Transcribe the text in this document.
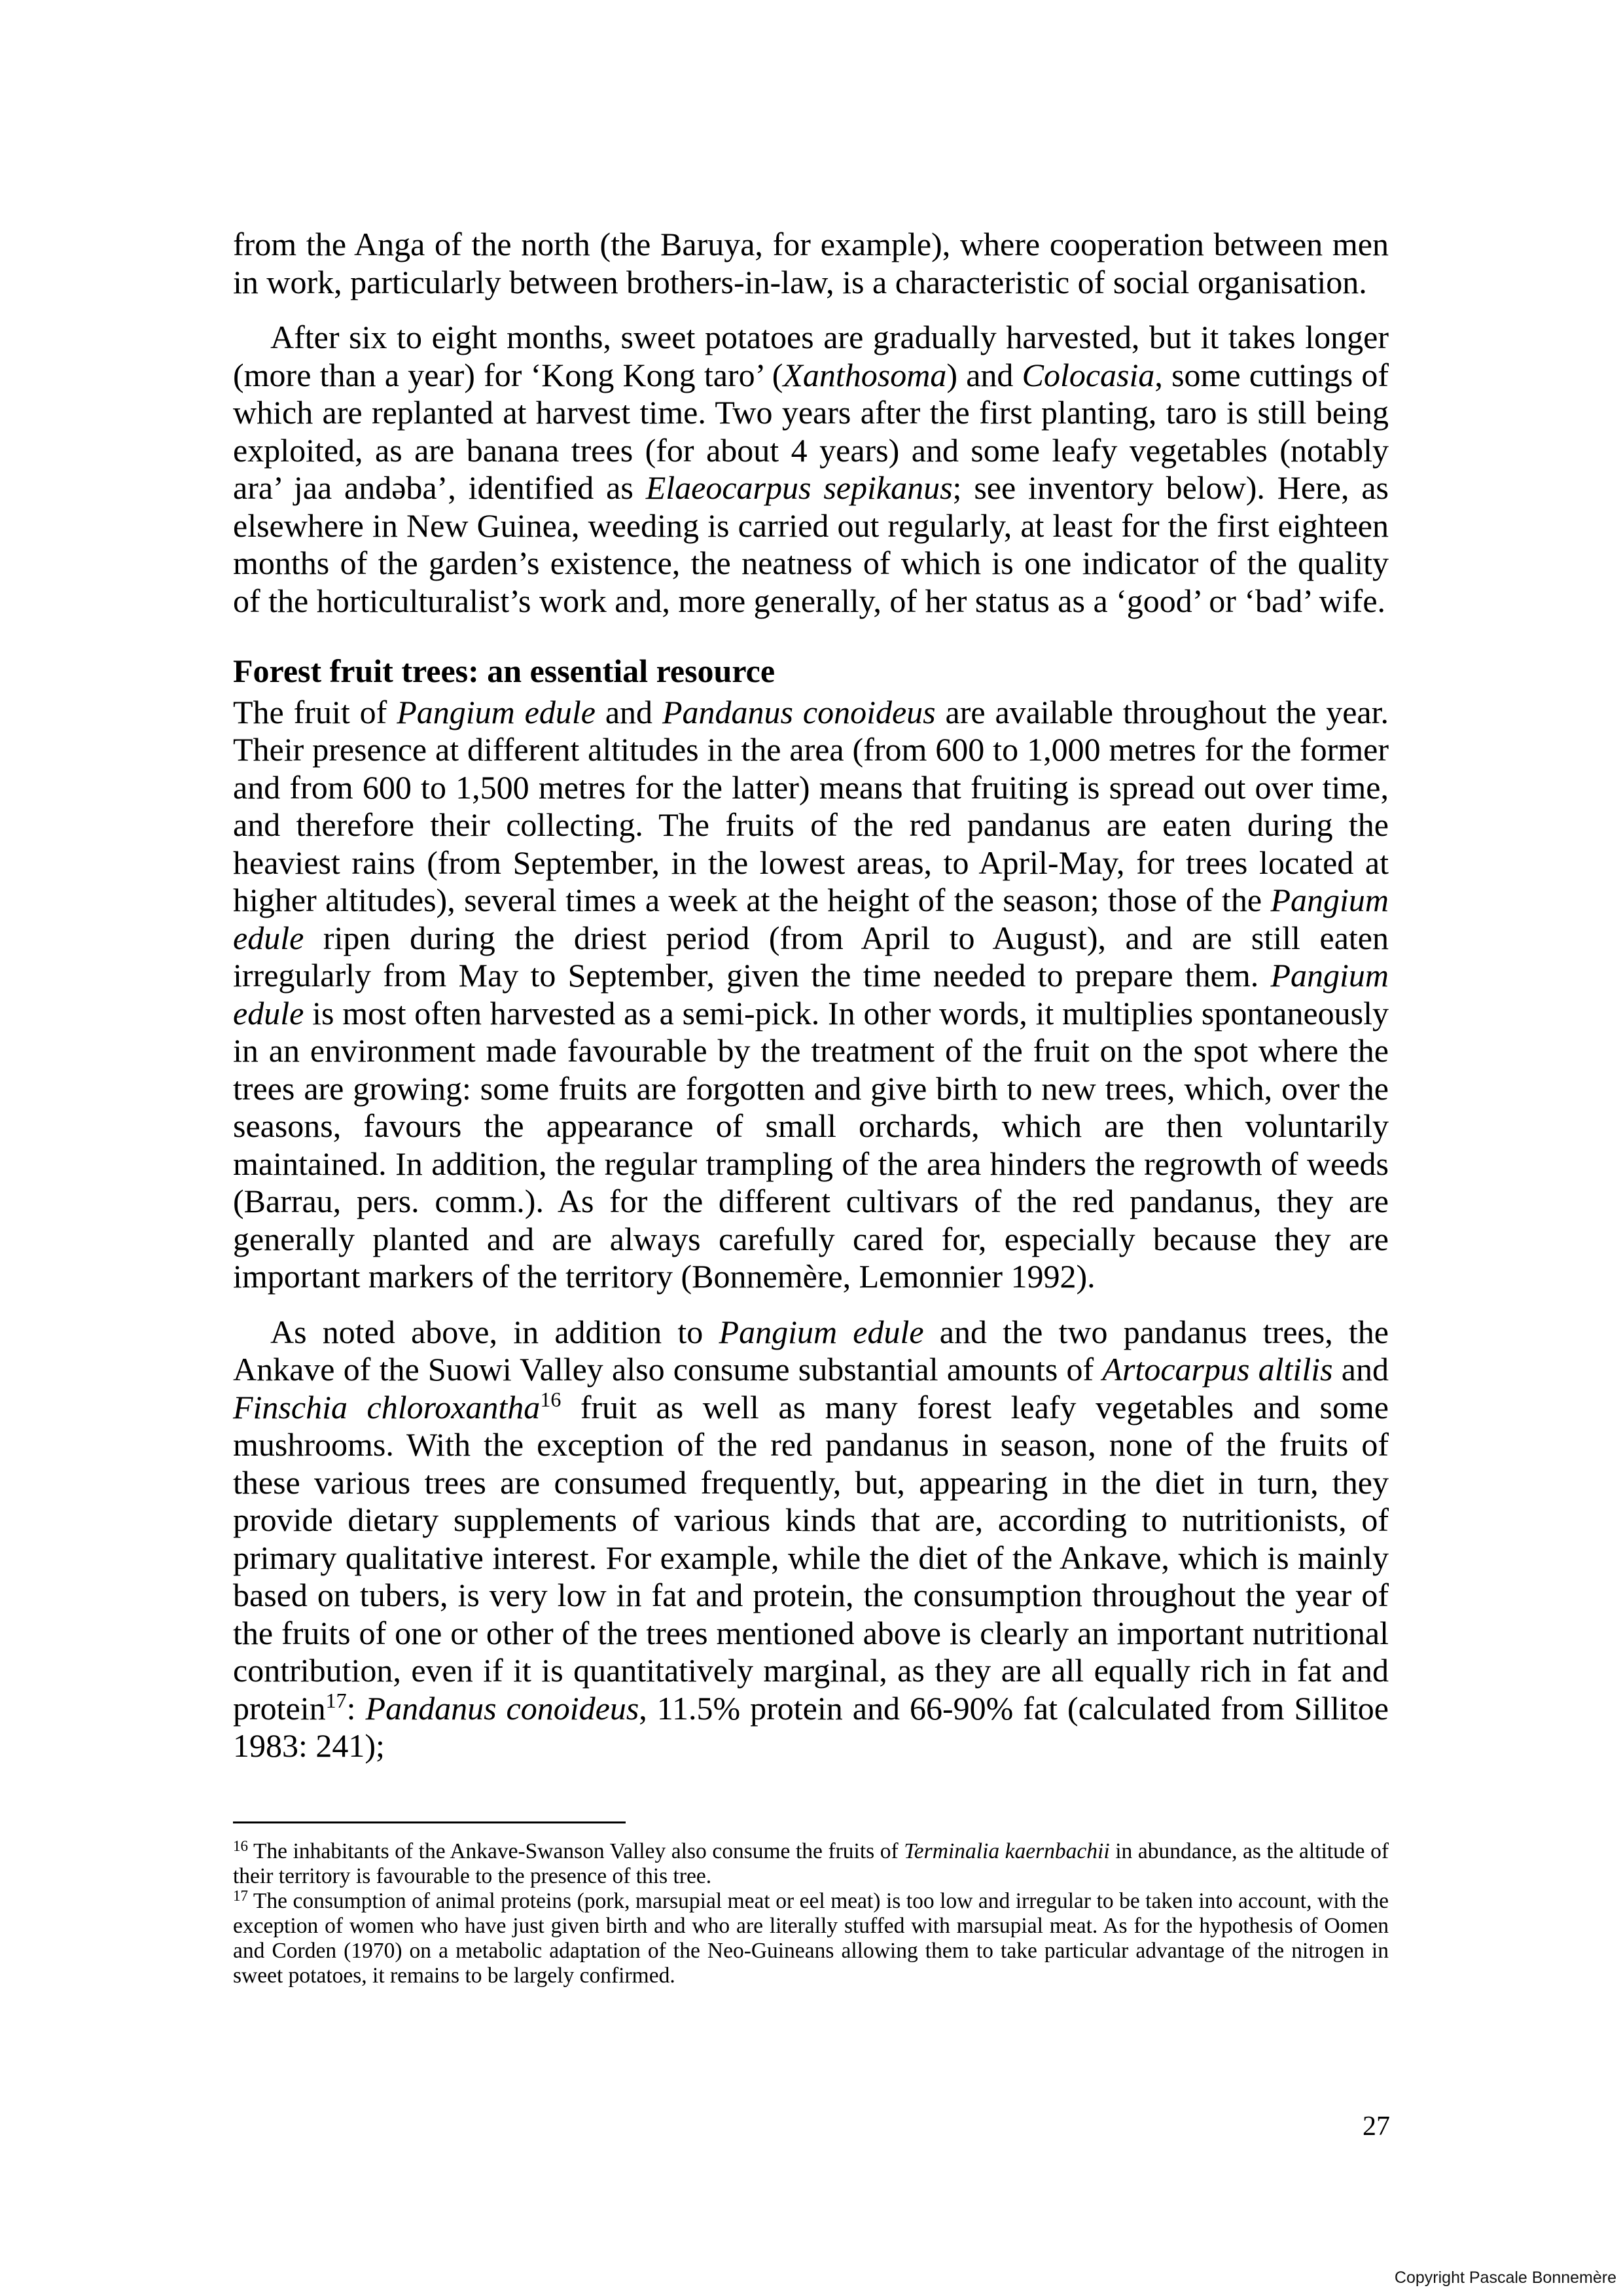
from the Anga of the north (the Baruya, for example), where cooperation between men in work, particularly between brothers-in-law, is a characteristic of social organisation.

After six to eight months, sweet potatoes are gradually harvested, but it takes longer (more than a year) for ‘Kong Kong taro’ (Xanthosoma) and Colocasia, some cuttings of which are replanted at harvest time. Two years after the first planting, taro is still being exploited, as are banana trees (for about 4 years) and some leafy vegetables (notably ara’ jaa andəba’, identified as Elaeocarpus sepikanus; see inventory below). Here, as elsewhere in New Guinea, weeding is carried out regularly, at least for the first eighteen months of the garden’s existence, the neatness of which is one indicator of the quality of the horticulturalist’s work and, more generally, of her status as a ‘good’ or ‘bad’ wife.

Forest fruit trees: an essential resource

The fruit of Pangium edule and Pandanus conoideus are available throughout the year. Their presence at different altitudes in the area (from 600 to 1,000 metres for the former and from 600 to 1,500 metres for the latter) means that fruiting is spread out over time, and therefore their collecting. The fruits of the red pandanus are eaten during the heaviest rains (from September, in the lowest areas, to April-May, for trees located at higher altitudes), several times a week at the height of the season; those of the Pangium edule ripen during the driest period (from April to August), and are still eaten irregularly from May to September, given the time needed to prepare them. Pangium edule is most often harvested as a semi-pick. In other words, it multiplies spontaneously in an environment made favourable by the treatment of the fruit on the spot where the trees are growing: some fruits are forgotten and give birth to new trees, which, over the seasons, favours the appearance of small orchards, which are then voluntarily maintained. In addition, the regular trampling of the area hinders the regrowth of weeds (Barrau, pers. comm.). As for the different cultivars of the red pandanus, they are generally planted and are always carefully cared for, especially because they are important markers of the territory (Bonnemère, Lemonnier 1992).

As noted above, in addition to Pangium edule and the two pandanus trees, the Ankave of the Suowi Valley also consume substantial amounts of Artocarpus altilis and Finschia chloroxantha$^{16}$ fruit as well as many forest leafy vegetables and some mushrooms. With the exception of the red pandanus in season, none of the fruits of these various trees are consumed frequently, but, appearing in the diet in turn, they provide dietary supplements of various kinds that are, according to nutritionists, of primary qualitative interest. For example, while the diet of the Ankave, which is mainly based on tubers, is very low in fat and protein, the consumption throughout the year of the fruits of one or other of the trees mentioned above is clearly an important nutritional contribution, even if it is quantitatively marginal, as they are all equally rich in fat and protein$^{17}$: Pandanus conoideus, 11.5% protein and 66-90% fat (calculated from Sillitoe 1983: 241);

$^{16}$ The inhabitants of the Ankave-Swanson Valley also consume the fruits of Terminalia kaernbachii in abundance, as the altitude of their territory is favourable to the presence of this tree.

$^{17}$ The consumption of animal proteins (pork, marsupial meat or eel meat) is too low and irregular to be taken into account, with the exception of women who have just given birth and who are literally stuffed with marsupial meat. As for the hypothesis of Oomen and Corden (1970) on a metabolic adaptation of the Neo-Guineans allowing them to take particular advantage of the nitrogen in sweet potatoes, it remains to be largely confirmed.

27
Copyright Pascale Bonnemère
